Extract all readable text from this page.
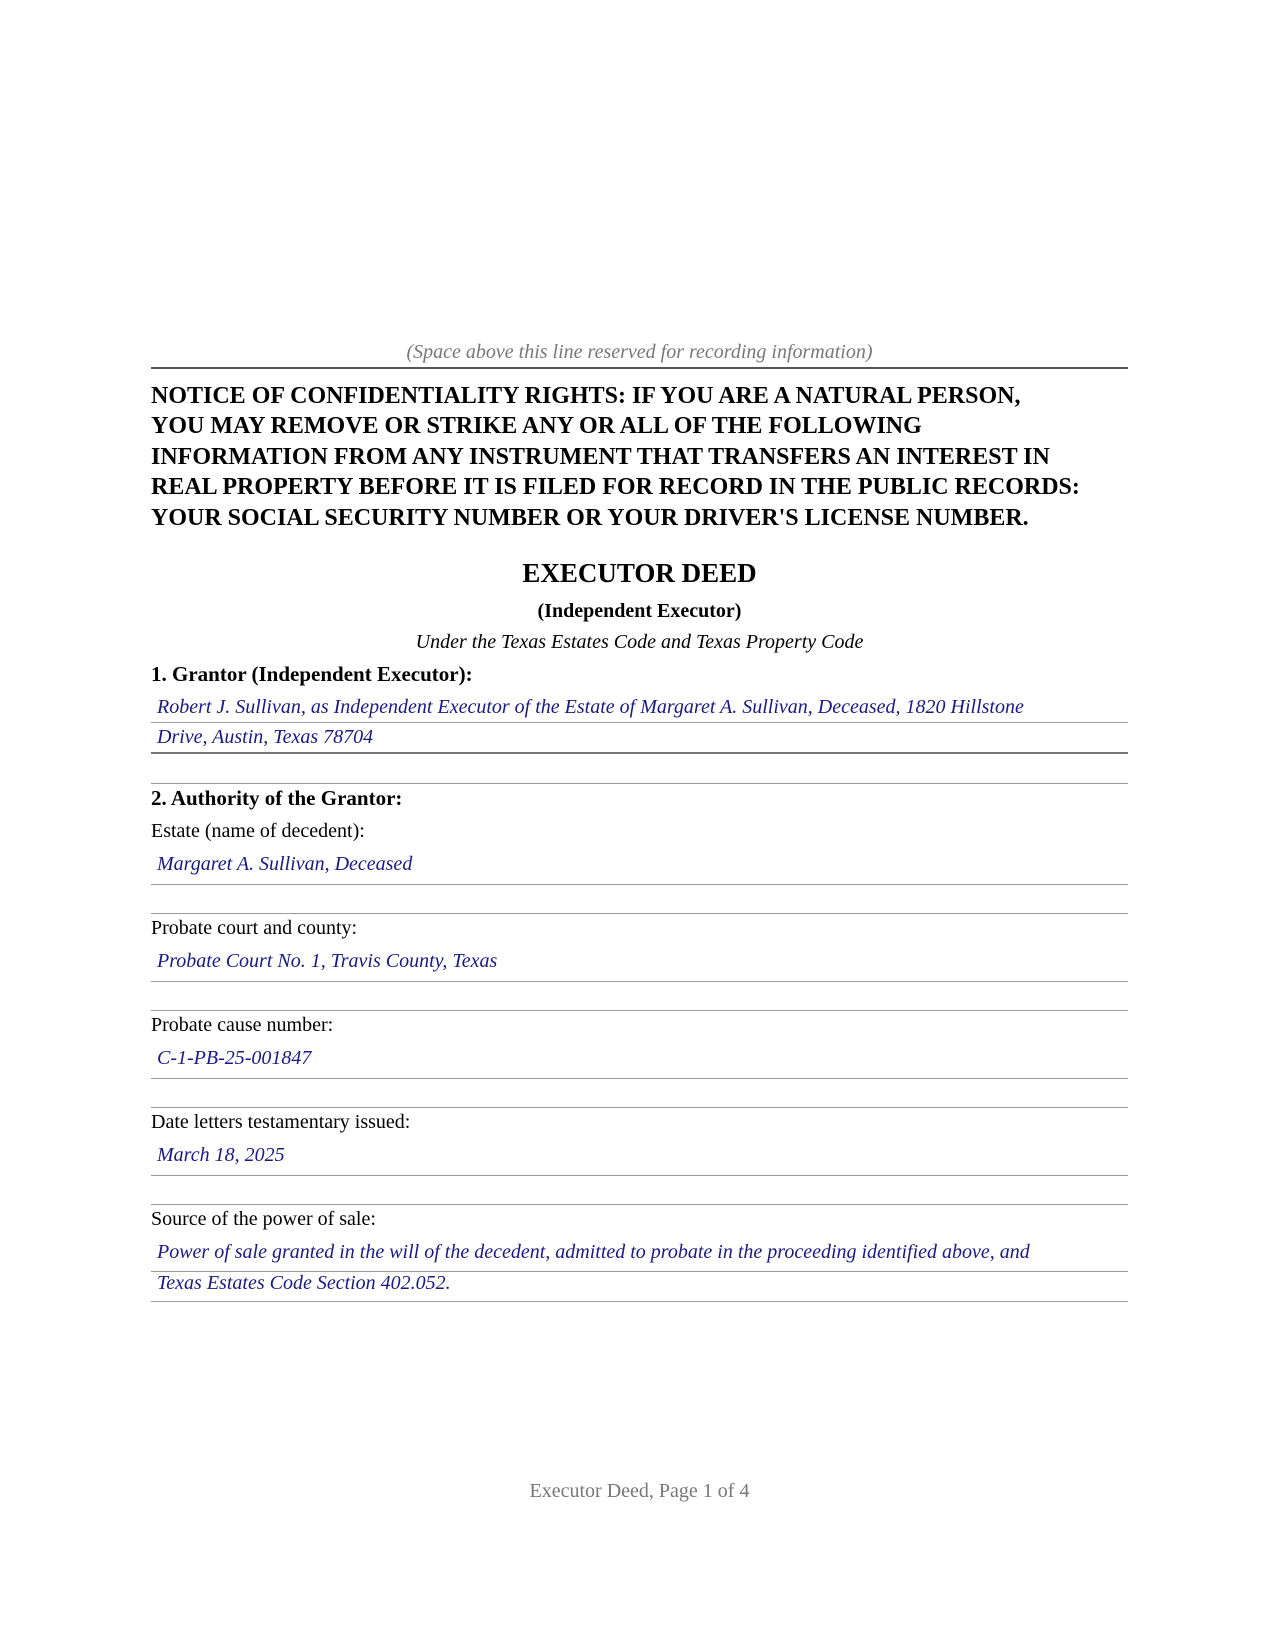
(Space above this line reserved for recording information)
NOTICE OF CONFIDENTIALITY RIGHTS: IF YOU ARE A NATURAL PERSON,
YOU MAY REMOVE OR STRIKE ANY OR ALL OF THE FOLLOWING
INFORMATION FROM ANY INSTRUMENT THAT TRANSFERS AN INTEREST IN
REAL PROPERTY BEFORE IT IS FILED FOR RECORD IN THE PUBLIC RECORDS:
YOUR SOCIAL SECURITY NUMBER OR YOUR DRIVER'S LICENSE NUMBER.
EXECUTOR DEED
(Independent Executor)
Under the Texas Estates Code and Texas Property Code
1. Grantor (Independent Executor):
Robert J. Sullivan, as Independent Executor of the Estate of Margaret A. Sullivan, Deceased, 1820 Hillstone
Drive, Austin, Texas 78704
2. Authority of the Grantor:
Estate (name of decedent):
Margaret A. Sullivan, Deceased
Probate court and county:
Probate Court No. 1, Travis County, Texas
Probate cause number:
C-1-PB-25-001847
Date letters testamentary issued:
March 18, 2025
Source of the power of sale:
Power of sale granted in the will of the decedent, admitted to probate in the proceeding identified above, and
Texas Estates Code Section 402.052.
Executor Deed, Page 1 of 4
